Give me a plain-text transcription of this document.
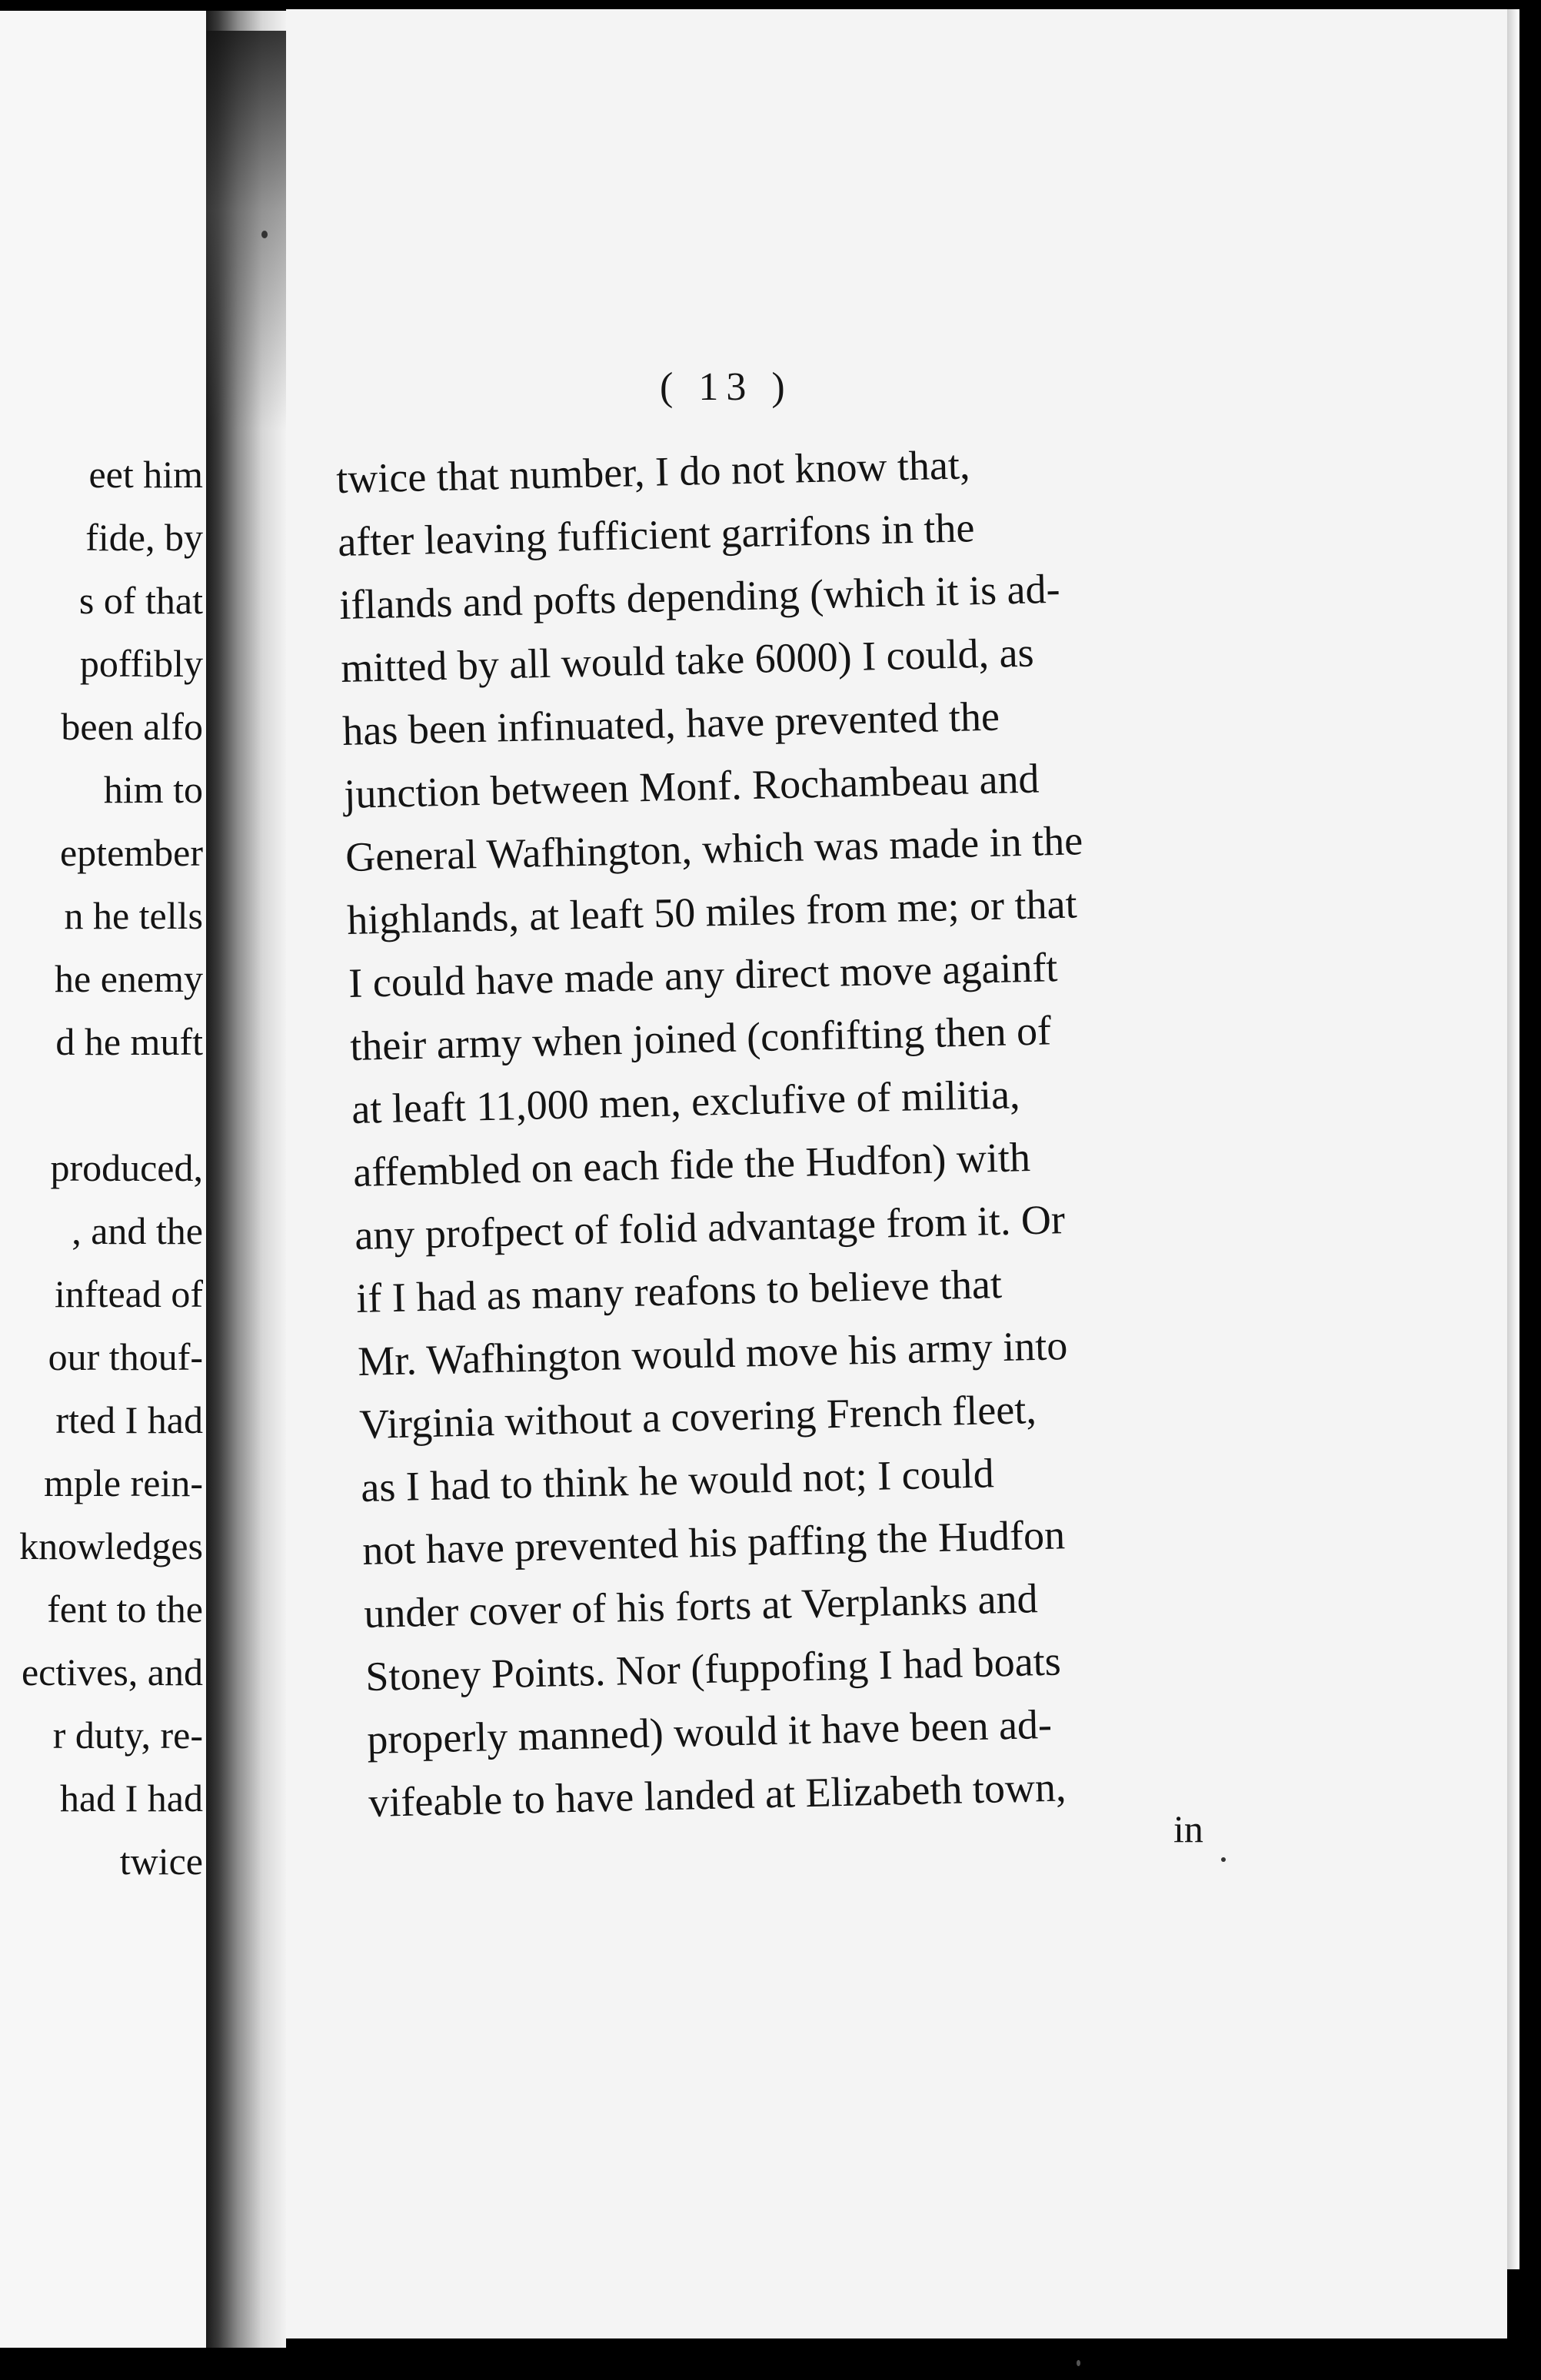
eet him
fide, by
s of that
poffibly
been alfo
him to
eptember
n he tells
he enemy
d he muft
produced,
, and the
inftead of
our thouf-
rted I had
mple rein-
knowledges
fent to the
ectives, and
r duty, re-
had I had
twice
( 13 )
twice that number, I do not know that,
after leaving fufficient garrifons in the
iflands and pofts depending (which it is ad-
mitted by all would take 6000) I could, as
has been infinuated, have prevented the
junction between Monf. Rochambeau and
General Wafhington, which was made in the
highlands, at leaft 50 miles from me; or that
I could have made any direct move againft
their army when joined (confifting then of
at leaft 11,000 men, exclufive of militia,
affembled on each fide the Hudfon) with
any profpect of folid advantage from it. Or
if I had as many reafons to believe that
Mr. Wafhington would move his army into
Virginia without a covering French fleet,
as I had to think he would not; I could
not have prevented his paffing the Hudfon
under cover of his forts at Verplanks and
Stoney Points. Nor (fuppofing I had boats
properly manned) would it have been ad-
vifeable to have landed at Elizabeth town,
in
